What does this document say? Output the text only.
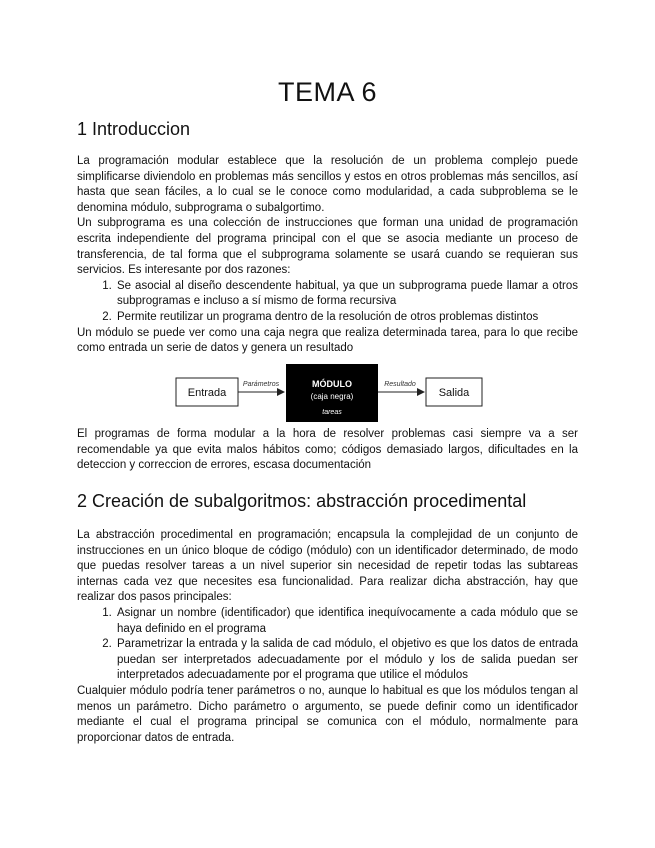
TEMA 6
1 Introduccion

La programación modular establece que la resolución de un problema complejo puede simplificarse diviendolo en problemas más sencillos y estos en otros problemas más sencillos, así hasta que sean fáciles, a lo cual se le conoce como modularidad, a cada subproblema se le denomina módulo, subprograma o subalgortimo.

Un subprograma es una colección de instrucciones que forman una unidad de programación escrita independiente del programa principal con el que se asocia mediante un proceso de transferencia, de tal forma que el subprograma solamente se usará cuando se requieran sus servicios. Es interesante por dos razones:

1. Se asocial al diseño descendente habitual, ya que un subprograma puede llamar a otros subprogramas e incluso a sí mismo de forma recursiva
2. Permite reutilizar un programa dentro de la resolución de otros problemas distintos

Un módulo se puede ver como una caja negra que realiza determinada tarea, para lo que recibe como entrada un serie de datos y genera un resultado

Entrada
Parámetros	MÓDULO
(caja negra)
tareas
Resultado
Salida

El programas de forma modular a la hora de resolver problemas casi siempre va a ser recomendable ya que evita malos hábitos como; códigos demasiado largos, dificultades en la deteccion y correccion de errores, escasa documentación

2 Creación de subalgoritmos: abstracción procedimental

La abstracción procedimental en programación; encapsula la complejidad de un conjunto de instrucciones en un único bloque de código (módulo) con un identificador determinado, de modo que puedas resolver tareas a un nivel superior sin necesidad de repetir todas las subtareas internas cada vez que necesites esa funcionalidad. Para realizar dicha abstracción, hay que realizar dos pasos principales:

1. Asignar un nombre (identificador) que identifica inequívocamente a cada módulo que se haya definido en el programa
2. Parametrizar la entrada y la salida de cad módulo, el objetivo es que los datos de entrada puedan ser interpretados adecuadamente por el módulo y los de salida puedan ser interpretados adecuadamente por el programa que utilice el módulos

Cualquier módulo podría tener parámetros o no, aunque lo habitual es que los módulos tengan al menos un parámetro. Dicho parámetro o argumento, se puede definir como un identificador mediante el cual el programa principal se comunica con el módulo, normalmente para proporcionar datos de entrada.
